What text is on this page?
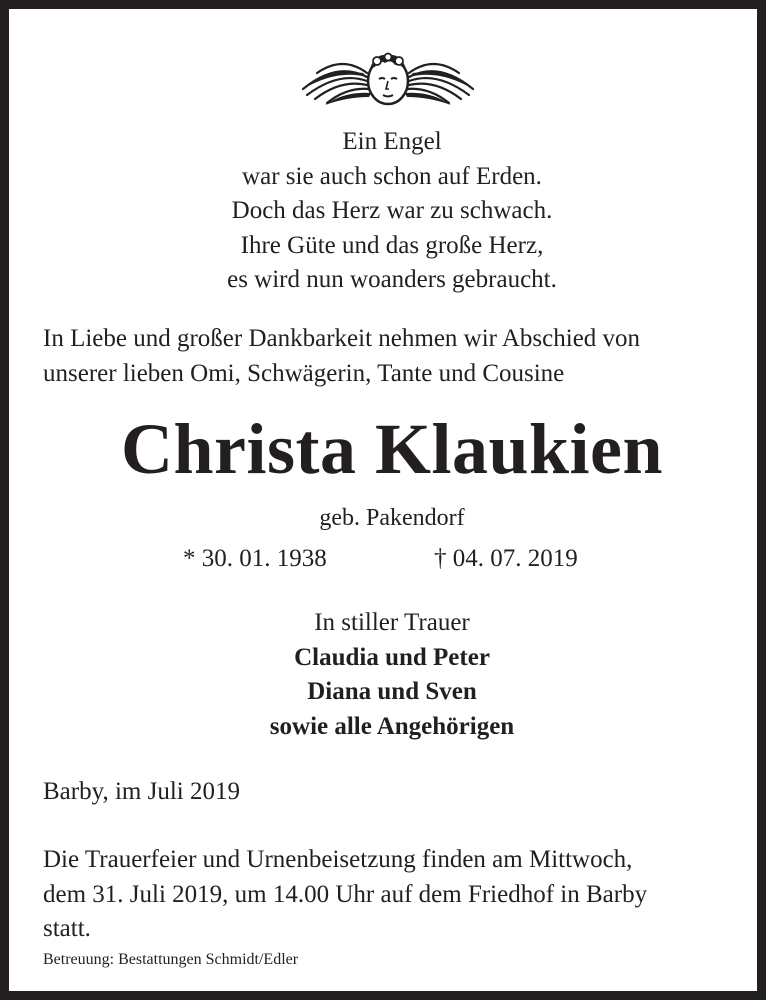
Ein Engel
war sie auch schon auf Erden.
Doch das Herz war zu schwach.
Ihre Güte und das große Herz,
es wird nun woanders gebraucht.
In Liebe und großer Dankbarkeit nehmen wir Abschied von
unserer lieben Omi, Schwägerin, Tante und Cousine
Christa Klaukien
geb. Pakendorf
* 30. 01. 1938	† 04. 07. 2019
In stiller Trauer
Claudia und Peter
Diana und Sven
sowie alle Angehörigen
Barby, im Juli 2019
Die Trauerfeier und Urnenbeisetzung finden am Mittwoch,
dem 31. Juli 2019, um 14.00 Uhr auf dem Friedhof in Barby
statt.
Betreuung: Bestattungen Schmidt/Edler
